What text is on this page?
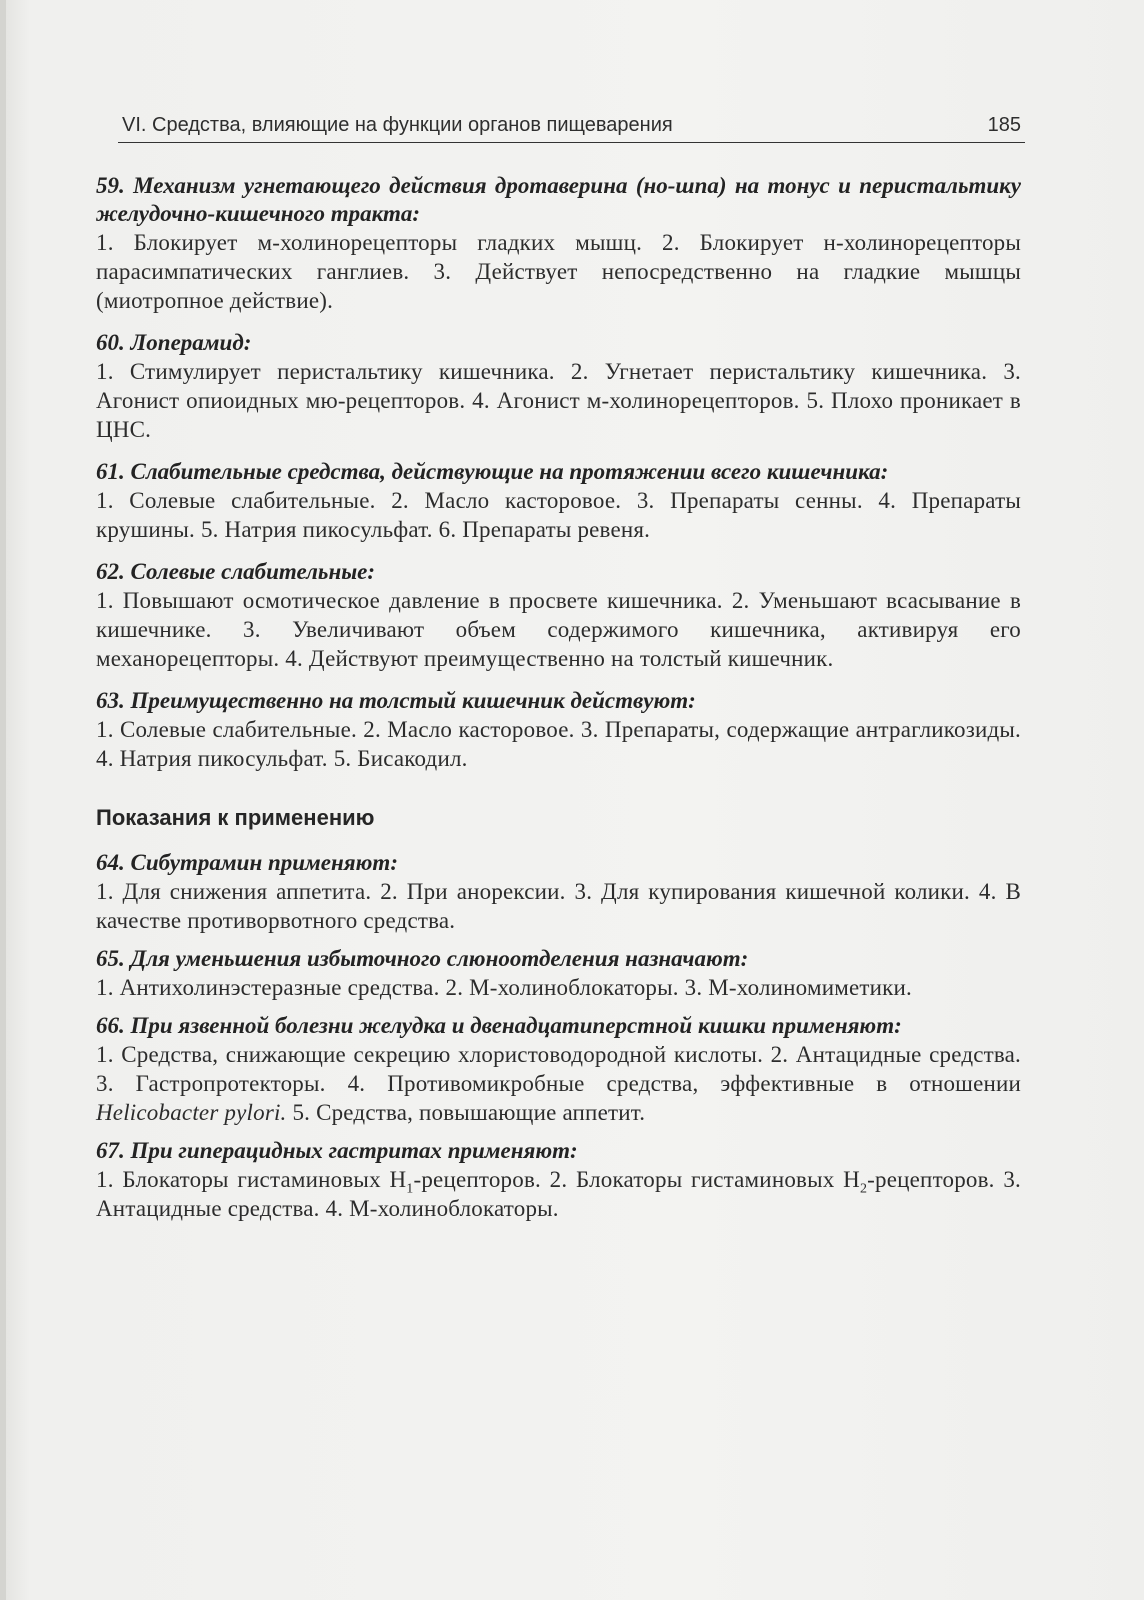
VI. Средства, влияющие на функции органов пищеварения	185
59. Механизм угнетающего действия дротаверина (но-шпа) на тонус и перистальтику желудочно-кишечного тракта:
1. Блокирует м-холинорецепторы гладких мышц. 2. Блокирует н-холинорецепторы парасимпатических ганглиев. 3. Действует непосредственно на гладкие мышцы (миотропное действие).
60. Лоперамид:
1. Стимулирует перистальтику кишечника. 2. Угнетает перистальтику кишечника. 3. Агонист опиоидных мю-рецепторов. 4. Агонист м-холинорецепторов. 5. Плохо проникает в ЦНС.
61. Слабительные средства, действующие на протяжении всего кишечника:
1. Солевые слабительные. 2. Масло касторовое. 3. Препараты сенны. 4. Препараты крушины. 5. Натрия пикосульфат. 6. Препараты ревеня.
62. Солевые слабительные:
1. Повышают осмотическое давление в просвете кишечника. 2. Уменьшают всасывание в кишечнике. 3. Увеличивают объем содержимого кишечника, активируя его механорецепторы. 4. Действуют преимущественно на толстый кишечник.
63. Преимущественно на толстый кишечник действуют:
1. Солевые слабительные. 2. Масло касторовое. 3. Препараты, содержащие антрагликозиды. 4. Натрия пикосульфат. 5. Бисакодил.
Показания к применению
64. Сибутрамин применяют:
1. Для снижения аппетита. 2. При анорексии. 3. Для купирования кишечной колики. 4. В качестве противорвотного средства.
65. Для уменьшения избыточного слюноотделения назначают:
1. Антихолинэстеразные средства. 2. М-холиноблокаторы. 3. М-холиномиметики.
66. При язвенной болезни желудка и двенадцатиперстной кишки применяют:
1. Средства, снижающие секрецию хлористоводородной кислоты. 2. Антацидные средства. 3. Гастропротекторы. 4. Противомикробные средства, эффективные в отношении Helicobacter pylori. 5. Средства, повышающие аппетит.
67. При гиперацидных гастритах применяют:
1. Блокаторы гистаминовых $Н_1$-рецепторов. 2. Блокаторы гистаминовых $Н_2$-рецепторов. 3. Антацидные средства. 4. М-холиноблокаторы.
